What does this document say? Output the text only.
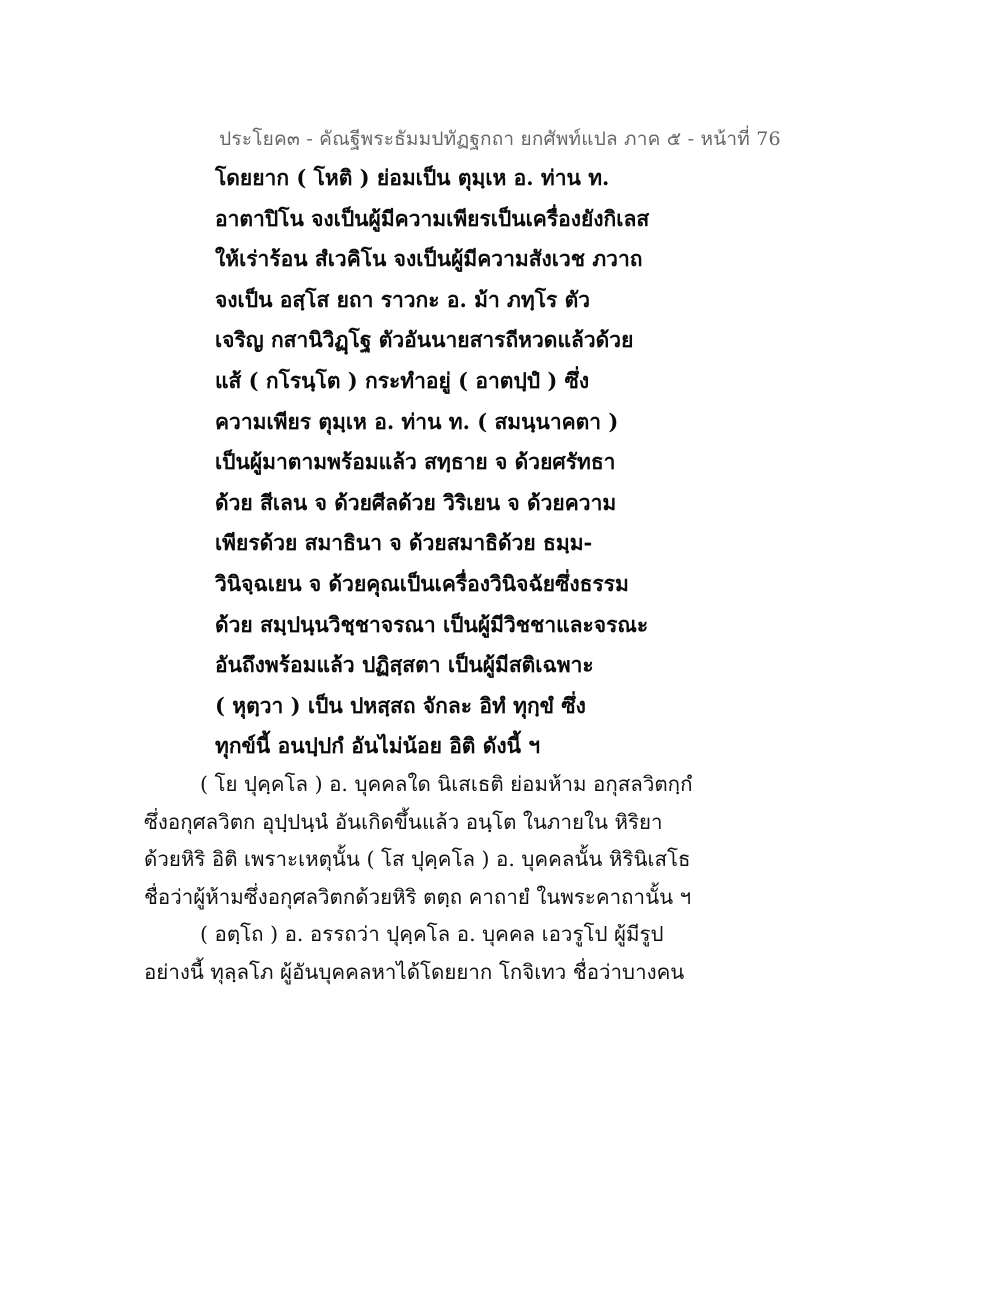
ประโยค๓ - คัณฐีพระธัมมปทัฏฐกถา ยกศัพท์แปล ภาค ๕ - หน้าที่ 76
โดยยาก ( โหติ ) ย่อมเป็น ตุมฺเห อ. ท่าน ท.
อาตาปิโน จงเป็นผู้มีความเพียรเป็นเครื่องยังกิเลส
ให้เร่าร้อน สํเวคิโน จงเป็นผู้มีความสังเวช ภวาถ
จงเป็น อสฺโส ยถา ราวกะ อ. ม้า ภทฺโร ตัว
เจริญ กสานิวิฏฺโฐ ตัวอันนายสารถีหวดแล้วด้วย
แส้ ( กโรนฺโต ) กระทำอยู่ ( อาตปฺปํ ) ซึ่ง
ความเพียร ตุมฺเห อ. ท่าน ท. ( สมนฺนาคตา )
เป็นผู้มาตามพร้อมแล้ว สทฺธาย จ ด้วยศรัทธา
ด้วย สีเลน จ ด้วยศีลด้วย วิริเยน จ ด้วยความ
เพียรด้วย สมาธินา จ ด้วยสมาธิด้วย ธมฺม-
วินิจฺฉเยน จ ด้วยคุณเป็นเครื่องวินิจฉัยซึ่งธรรม
ด้วย สมฺปนฺนวิชฺชาจรณา เป็นผู้มีวิชชาและจรณะ
อันถึงพร้อมแล้ว ปฏิสฺสตา เป็นผู้มีสติเฉพาะ
( หุตฺวา ) เป็น ปหสฺสถ จักละ อิทํ ทุกฺขํ ซึ่ง
ทุกข์นี้ อนปฺปกํ อันไม่น้อย อิติ ดังนี้ ฯ
( โย ปุคฺคโล ) อ. บุคคลใด นิเสเธติ ย่อมห้าม อกุสลวิตกฺกํ
ซึ่งอกุศลวิตก อุปฺปนฺนํ อันเกิดขึ้นแล้ว อนฺโต ในภายใน หิริยา
ด้วยหิริ อิติ เพราะเหตุนั้น ( โส ปุคฺคโล ) อ. บุคคลนั้น หิรินิเสโธ
ชื่อว่าผู้ห้ามซึ่งอกุศลวิตกด้วยหิริ ตตฺถ คาถายํ ในพระคาถานั้น ฯ
( อตฺโถ ) อ. อรรถว่า ปุคฺคโล อ. บุคคล เอวรูโป ผู้มีรูป
อย่างนี้ ทุลฺลโภ ผู้อันบุคคลหาได้โดยยาก โกจิเทว ชื่อว่าบางคน
